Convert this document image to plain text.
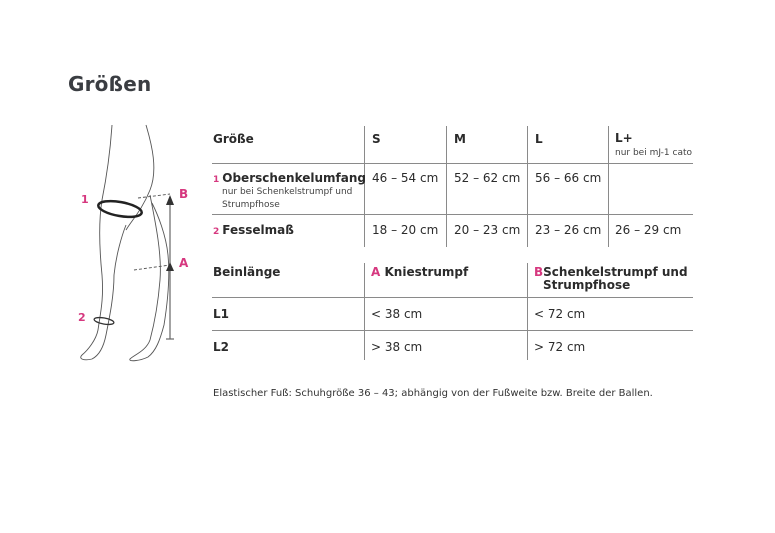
Größen
1
2
B
A
Größe	S	M	L	L+
nur bei mJ-1 cato
1 Oberschenkelumfang
nur bei Schenkelstrumpf und
Strumpfhose
46 – 54 cm 52 – 62 cm 56 – 66 cm
2 Fesselmaß	18 – 20 cm 20 – 23 cm 23 – 26 cm 26 – 29 cm
Beinlänge	A Kniestrumpf	BSchenkelstrumpf und
Strumpfhose
L1	< 38 cm	< 72 cm
L2	> 38 cm	> 72 cm
Elastischer Fuß: Schuhgröße 36 – 43; abhängig von der Fußweite bzw. Breite der Ballen.
